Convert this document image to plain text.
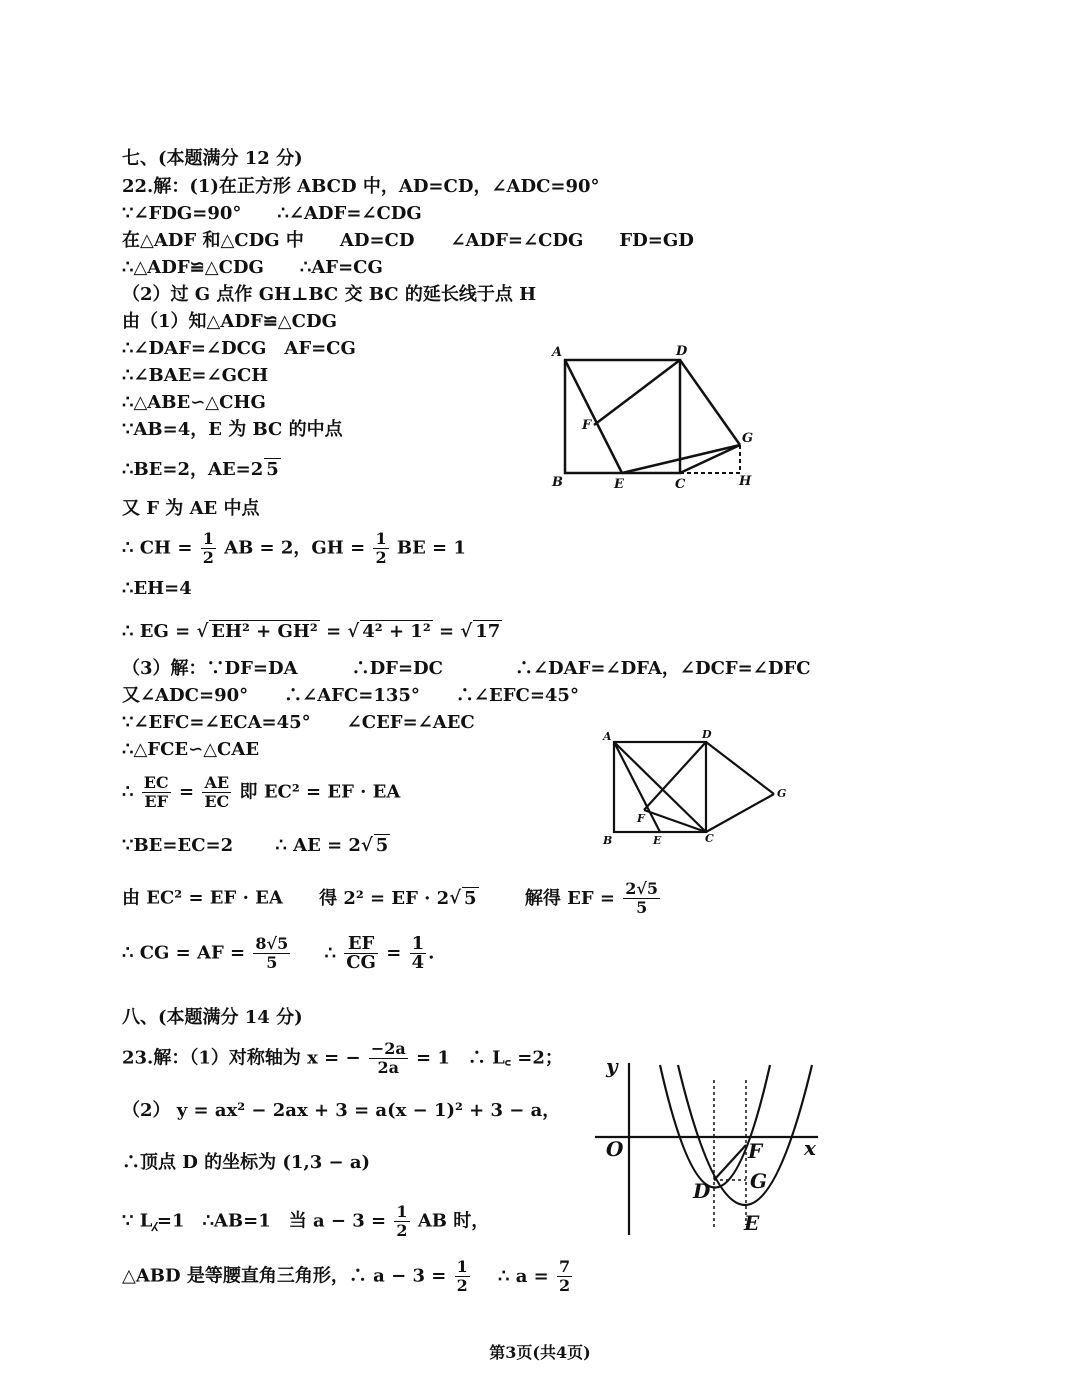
七、(本题满分 12 分)
22.解：(1)在正方形 ABCD 中，AD=CD，∠ADC=90°
∵∠FDG=90°　　∴∠ADF=∠CDG
在△ADF 和△CDG 中　　AD=CD　　∠ADF=∠CDG　　FD=GD
∴△ADF≌△CDG　　∴AF=CG
（2）过 G 点作 GH⊥BC 交 BC 的延长线于点 H
由（1）知△ADF≌△CDG
∴∠DAF=∠DCG　AF=CG
∴∠BAE=∠GCH
∴△ABE∽△CHG
∵AB=4，E 为 BC 的中点
∴BE=2，AE=2 5
又 F 为 AE 中点
∴ CH = $\frac{1}{2}$ AB = 2，GH = $\frac{1}{2}$ BE = 1
∴EH=4
∴ EG = √ EH² + GH² = √ 4² + 1² = √ 17
（3）解：∵DF=DA　　　∴DF=DC　　　　∴∠DAF=∠DFA，∠DCF=∠DFC
又∠ADC=90°　　∴∠AFC=135°　　∴∠EFC=45°
∵∠EFC=∠ECA=45°　　∠CEF=∠AEC
∴△FCE∽△CAE
∴ $\frac{EC}{EF} = \frac{AE}{EC}$ 即 EC² = EF · EA
∵BE=EC=2 ∴ AE = 2√ 5
由 EC² = EF · EA 得 2² = EF · 2√ 5	解得 EF = $\frac{2√5}{5}$
∴ CG = AF = $\frac{8√5}{5}$ ∴ $\frac{EF}{CG} = \frac{1}{4}$ .
八、(本题满分 14 分)
23.解：（1）对称轴为 x = − $\frac{-2a}{2a} = 1$　∴ L꜀ =2；
（2） y = ax² − 2ax + 3 = a(x − 1)² + 3 − a，
∴顶点 D 的坐标为 (1,3 − a)
∵ L⁁=1　∴AB=1　当 $a - 3 = \frac{1}{2}$ AB 时，
△ABD 是等腰直角三角形，∴ $a - 3 = \frac{1}{2}$ ∴ $a = \frac{7}{2}$
A	D
F
G
B	E	C	H
A	D
G
F
B	E	C
y
O	F x
G
D
E
第3页(共4页)
